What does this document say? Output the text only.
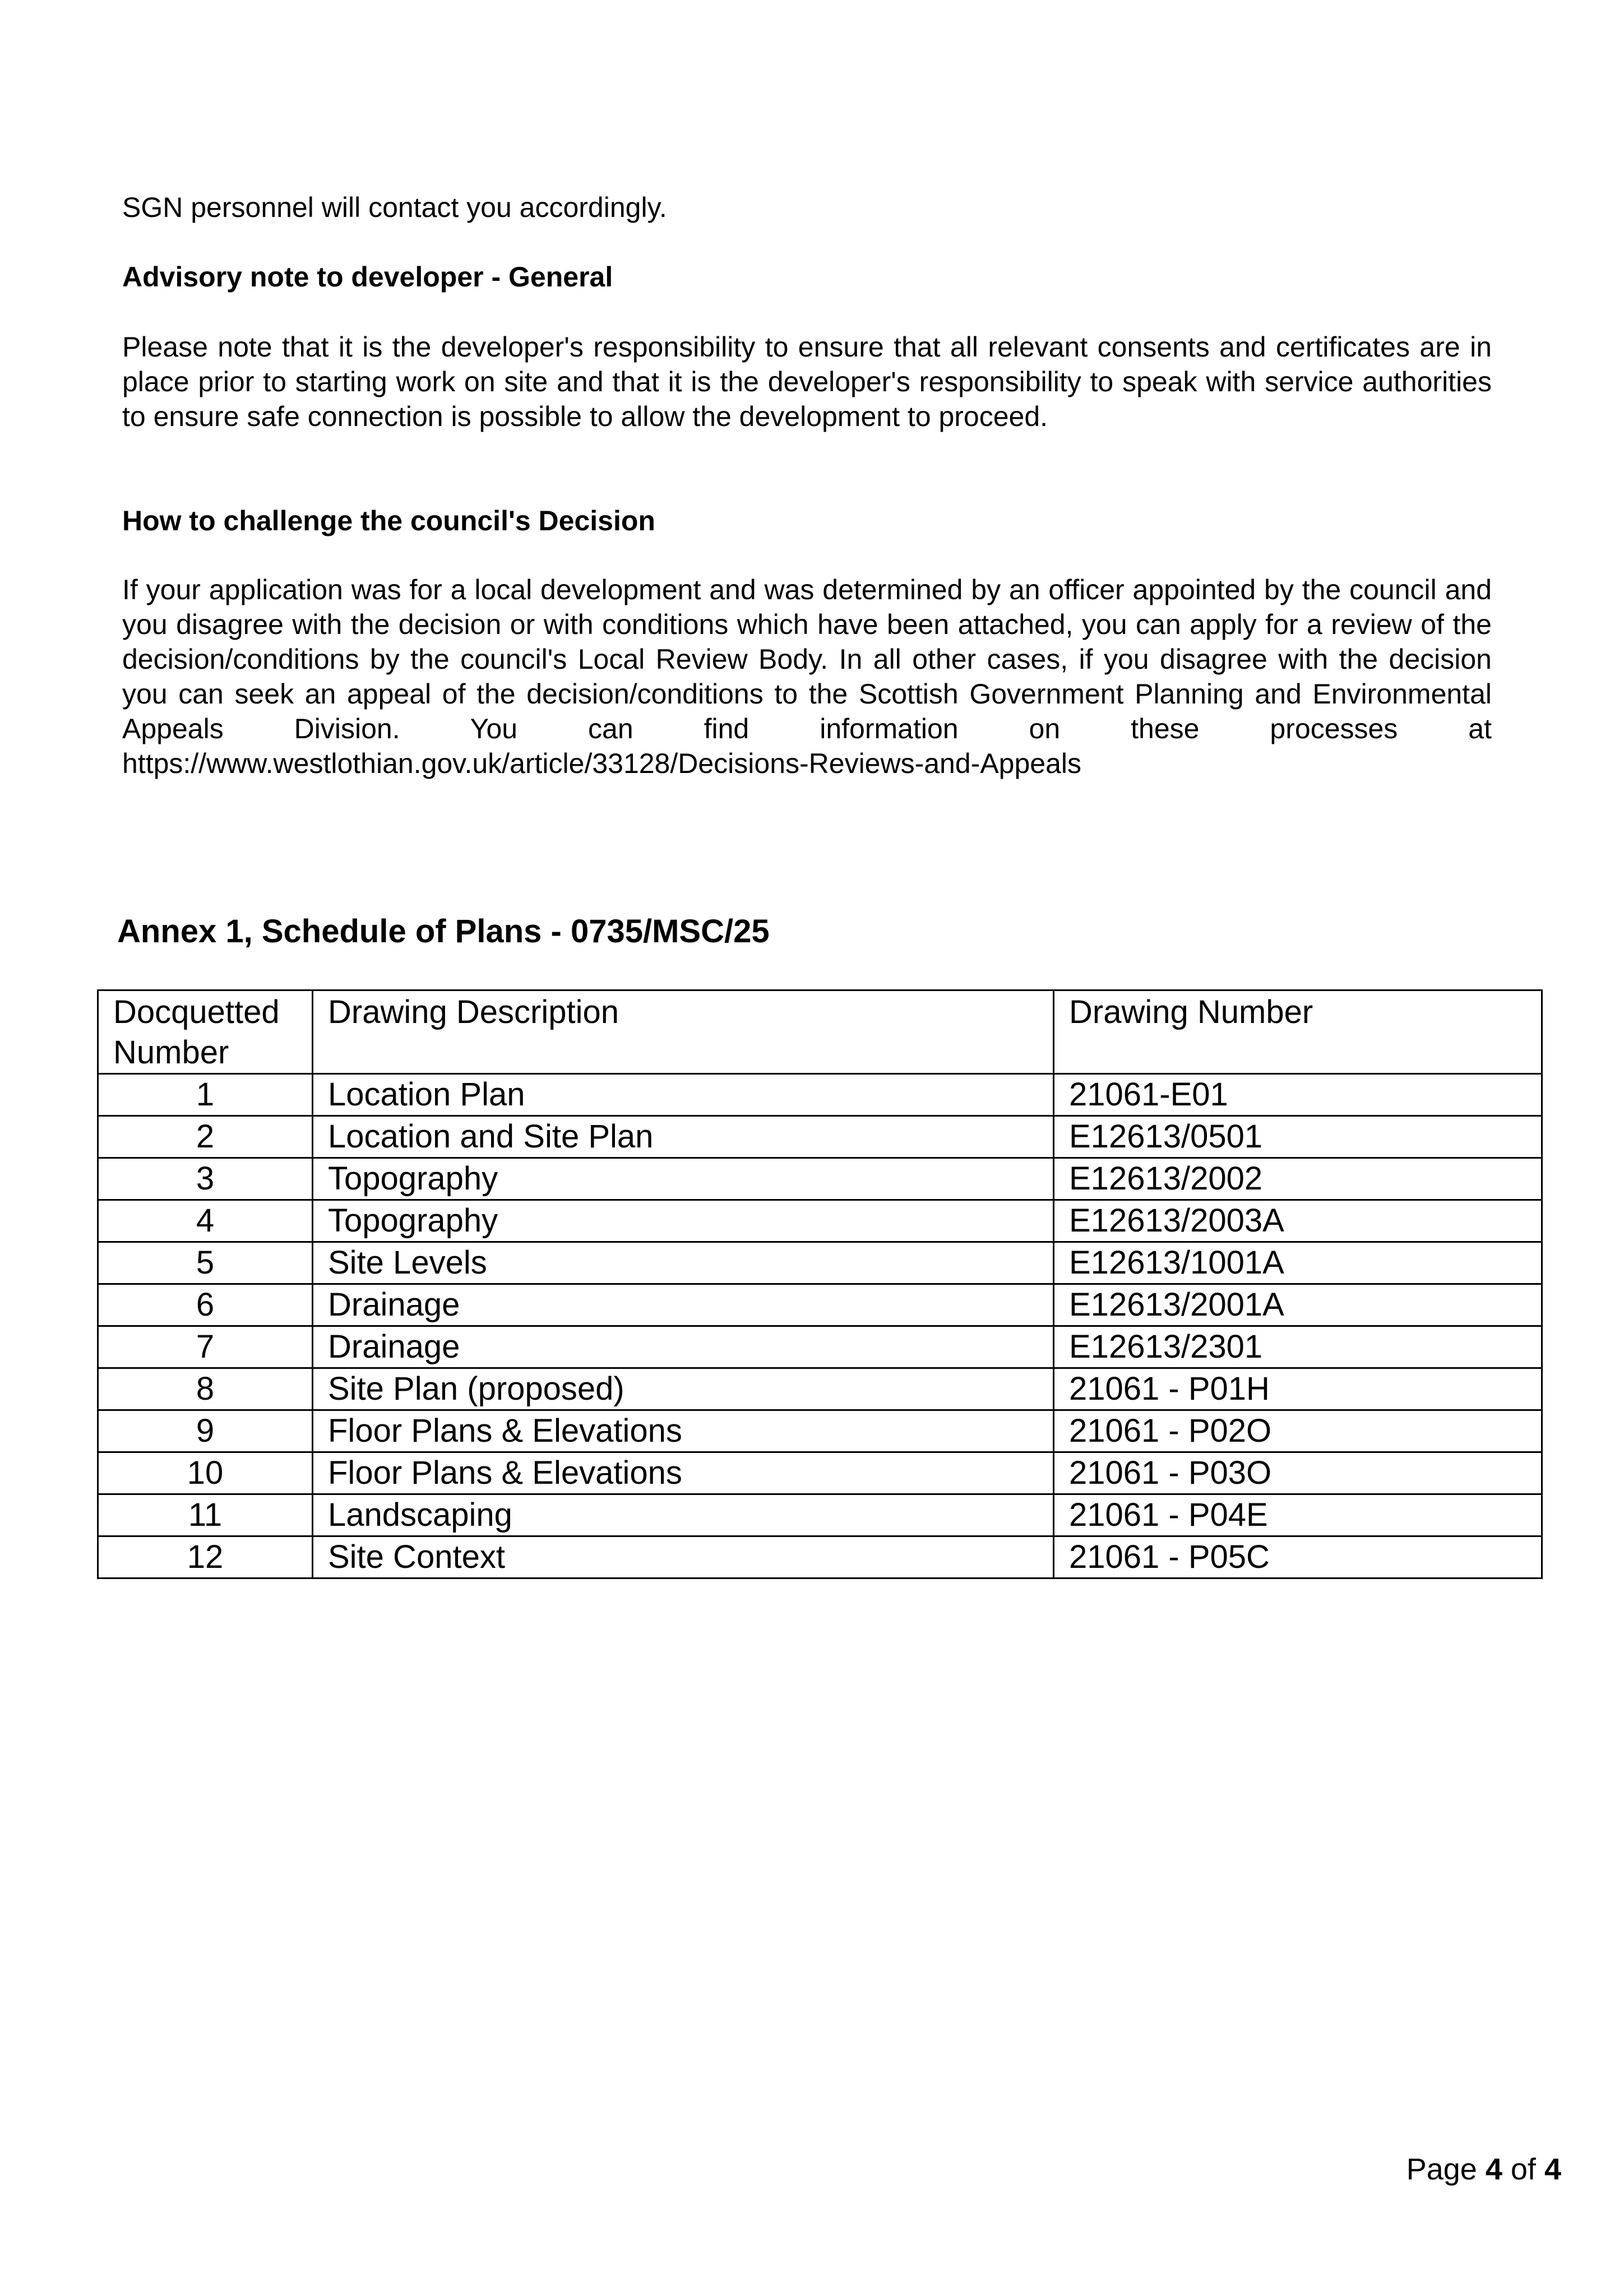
SGN personnel will contact you accordingly.

Advisory note to developer - General

Please note that it is the developer's responsibility to ensure that all relevant consents and certificates are in place prior to starting work on site and that it is the developer's responsibility to speak with service authorities to ensure safe connection is possible to allow the development to proceed.

How to challenge the council's Decision

If your application was for a local development and was determined by an officer appointed by the council and you disagree with the decision or with conditions which have been attached, you can apply for a review of the decision/conditions by the council's Local Review Body. In all other cases, if you disagree with the decision you can seek an appeal of the decision/conditions to the Scottish Government Planning and Environmental Appeals Division. You can find information on these processes at https://www.westlothian.gov.uk/article/33128/Decisions-Reviews-and-Appeals

Annex 1, Schedule of Plans - 0735/MSC/25
Docquetted Number	Drawing Description	Drawing Number
1	Location Plan	21061-E01
2	Location and Site Plan	E12613/0501
3	Topography	E12613/2002
4	Topography	E12613/2003A
5	Site Levels	E12613/1001A
6	Drainage	E12613/2001A
7	Drainage	E12613/2301
8	Site Plan (proposed)	21061 - P01H
9	Floor Plans & Elevations	21061 - P02O
10	Floor Plans & Elevations	21061 - P03O
11	Landscaping	21061 - P04E
12	Site Context	21061 - P05C

Page 4 of 4
